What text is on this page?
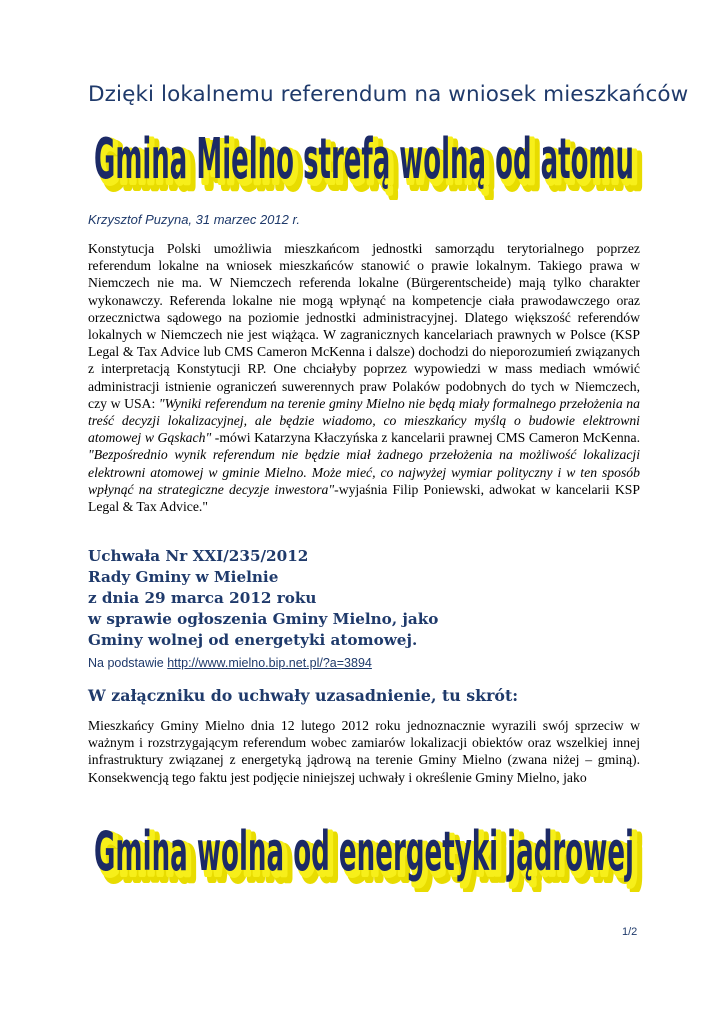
Dzięki lokalnemu referendum na wniosek mieszkańców
Gmina Mielno strefą wolną od atomu
Gmina Mielno strefą wolną od atomu
Gmina Mielno strefą wolną od atomu
Krzysztof Puzyna, 31 marzec 2012 r.
Konstytucja Polski umożliwia mieszkańcom jednostki samorządu terytorialnego poprzez referendum lokalne na wniosek mieszkańców stanowić o prawie lokalnym. Takiego prawa w Niemczech nie ma. W Niemczech referenda lokalne (Bürgerentscheide) mają tylko charakter wykonawczy. Referenda lokalne nie mogą wpłynąć na kompetencje ciała prawodawczego oraz orzecznictwa sądowego na poziomie jednostki administracyjnej. Dlatego większość referendów lokalnych w Niemczech nie jest wiążąca. W zagranicznych kancelariach prawnych w Polsce (KSP Legal & Tax Advice lub CMS Cameron McKenna i dalsze) dochodzi do nieporozumień związanych z interpretacją Konstytucji RP. One chciałyby poprzez wypowiedzi w mass mediach wmówić administracji istnienie ograniczeń suwerennych praw Polaków podobnych do tych w Niemczech, czy w USA: "Wyniki referendum na terenie gminy Mielno nie będą miały formalnego przełożenia na treść decyzji lokalizacyjnej, ale będzie wiadomo, co mieszkańcy myślą o budowie elektrowni atomowej w Gąskach" -mówi Katarzyna Kłaczyńska z kancelarii prawnej CMS Cameron McKenna. "Bezpośrednio wynik referendum nie będzie miał żadnego przełożenia na możliwość lokalizacji elektrowni atomowej w gminie Mielno. Może mieć, co najwyżej wymiar polityczny i w ten sposób wpłynąć na strategiczne decyzje inwestora"-wyjaśnia Filip Poniewski, adwokat w kancelarii KSP Legal & Tax Advice."
Uchwała Nr XXI/235/2012
Rady Gminy w Mielnie
z dnia 29 marca 2012 roku
w sprawie ogłoszenia Gminy Mielno, jako
Gminy wolnej od energetyki atomowej.
Na podstawie http://www.mielno.bip.net.pl/?a=3894
W załączniku do uchwały uzasadnienie, tu skrót:
Mieszkańcy Gminy Mielno dnia 12 lutego 2012 roku jednoznacznie wyrazili swój sprzeciw w ważnym i rozstrzygającym referendum wobec zamiarów lokalizacji obiektów oraz wszelkiej innej infrastruktury związanej z energetyką jądrową na terenie Gminy Mielno (zwana niżej – gminą). Konsekwencją tego faktu jest podjęcie niniejszej uchwały i określenie Gminy Mielno, jako
Gmina wolna od energetyki jądrowej
Gmina wolna od energetyki jądrowej
Gmina wolna od energetyki jądrowej
1/2
